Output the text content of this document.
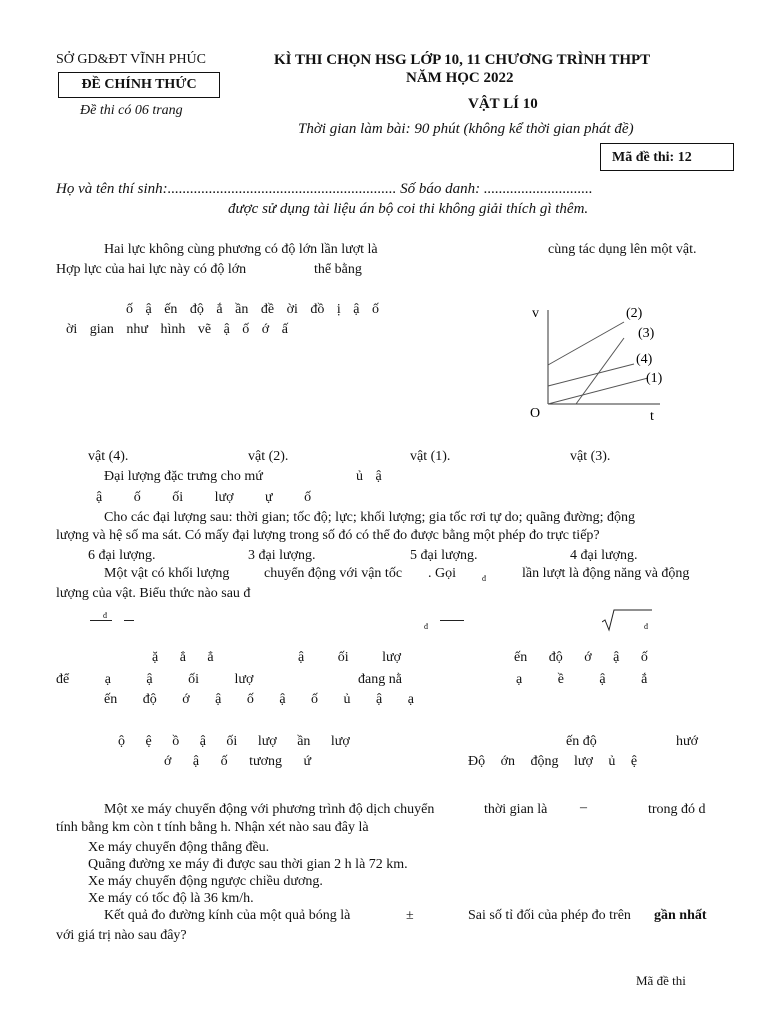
SỞ GD&ĐT VĨNH PHÚC
ĐỀ CHÍNH THỨC
Đề thi có 06 trang
KÌ THI CHỌN HSG LỚP 10, 11 CHƯƠNG TRÌNH THPT
NĂM HỌC 2022
VẬT LÍ 10
Thời gian làm bài: 90 phút (không kể thời gian phát đề)
Mã đề thi: 12
Họ và tên thí sinh:............................................................. Số báo danh: .............................
được sử dụng tài liệu án bộ coi thi không giải thích gì thêm.
Hai lực không cùng phương có độ lớn lần lượt là	cùng tác dụng lên một vật.
Hợp lực của hai lực này có độ lớn	thể bằng
ố ậ ến độ ắ ần đề ời đồ ị ậ ố
ời gian như hình vẽ ậ ố ớ ấ
v
t
O
(2)
(3)
(4)
(1)
vật (4).	vật (2).	vật (1).	vật (3).
Đại lượng đặc trưng cho mứ	ủ ậ
ậ ố ối lượ ự ố
Cho các đại lượng sau: thời gian; tốc độ; lực; khối lượng; gia tốc rơi tự do; quãng đường; động
lượng và hệ số ma sát. Có mấy đại lượng trong số đó có thể đo được bằng một phép đo trực tiếp?
6 đại lượng.	3 đại lượng.	5 đại lượng.	4 đại lượng.
Một vật có khối lượng chuyển động với vận tốc . Gọi	đ	lần lượt là động năng và động
lượng của vật. Biểu thức nào sau đ
đ
đ	đ
ặ ẳ ẳ	ậ ối lượ	ến độ ớ ậ ố
để ạ ậ ối lượ	đang nằ	ạ ề ậ ắ
ến độ ớ ậ ố ậ ố ủ ậ ạ
ộ ệ ồ ậ ối lượ ần lượ	ến độ	hướ
ớ ậ ố tương ứ	Độ ớn động lượ ủ ệ
Một xe máy chuyển động với phương trình độ dịch chuyển	thời gian là –	trong đó d
tính bằng km còn t tính bằng h. Nhận xét nào sau đây là
Xe máy chuyển động thẳng đều.
Quãng đường xe máy đi được sau thời gian 2 h là 72 km.
Xe máy chuyển động ngược chiều dương.
Xe máy có tốc độ là 36 km/h.
Kết quả đo đường kính của một quả bóng là	±	Sai số tỉ đối của phép đo trên gần nhất
với giá trị nào sau đây?
Mã đề thi
